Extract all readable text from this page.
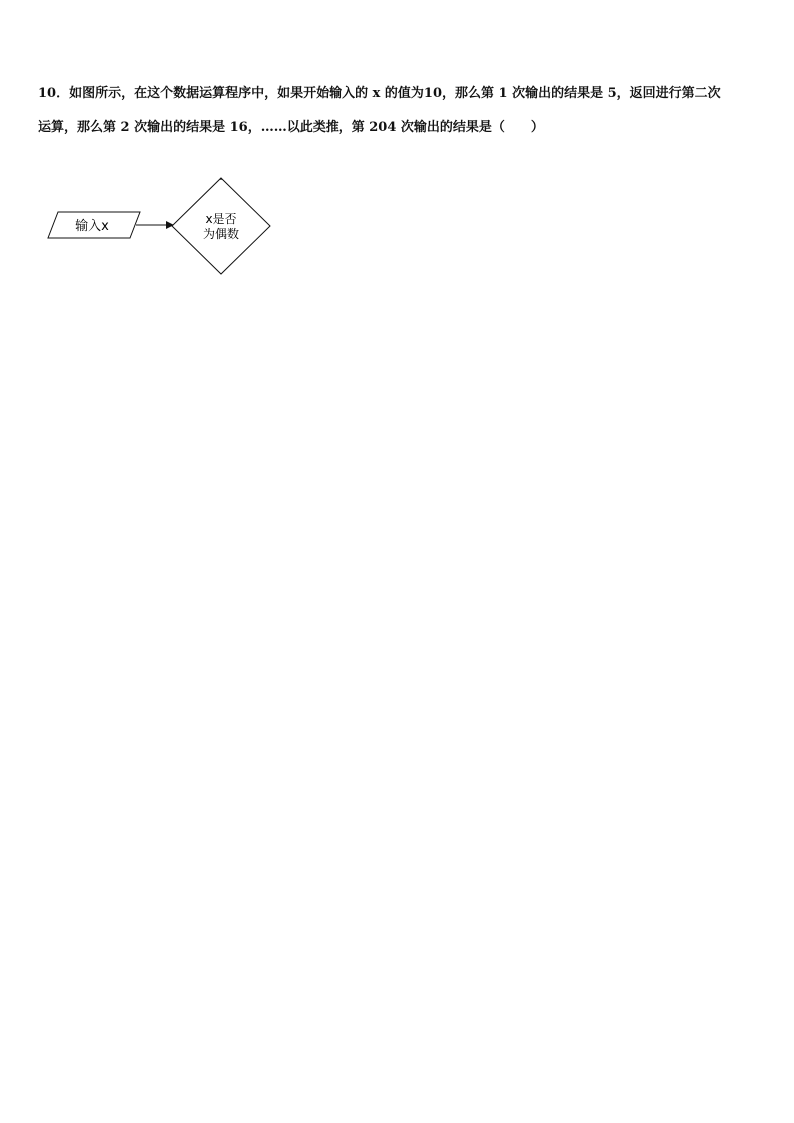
10．如图所示，在这个数据运算程序中，如果开始输入的 x 的值为10，那么第 1 次输出的结果是 5，返回进行第二次
运算，那么第 2 次输出的结果是 16，……以此类推，第 204 次输出的结果是（　　）
输入x	x是否
为偶数
